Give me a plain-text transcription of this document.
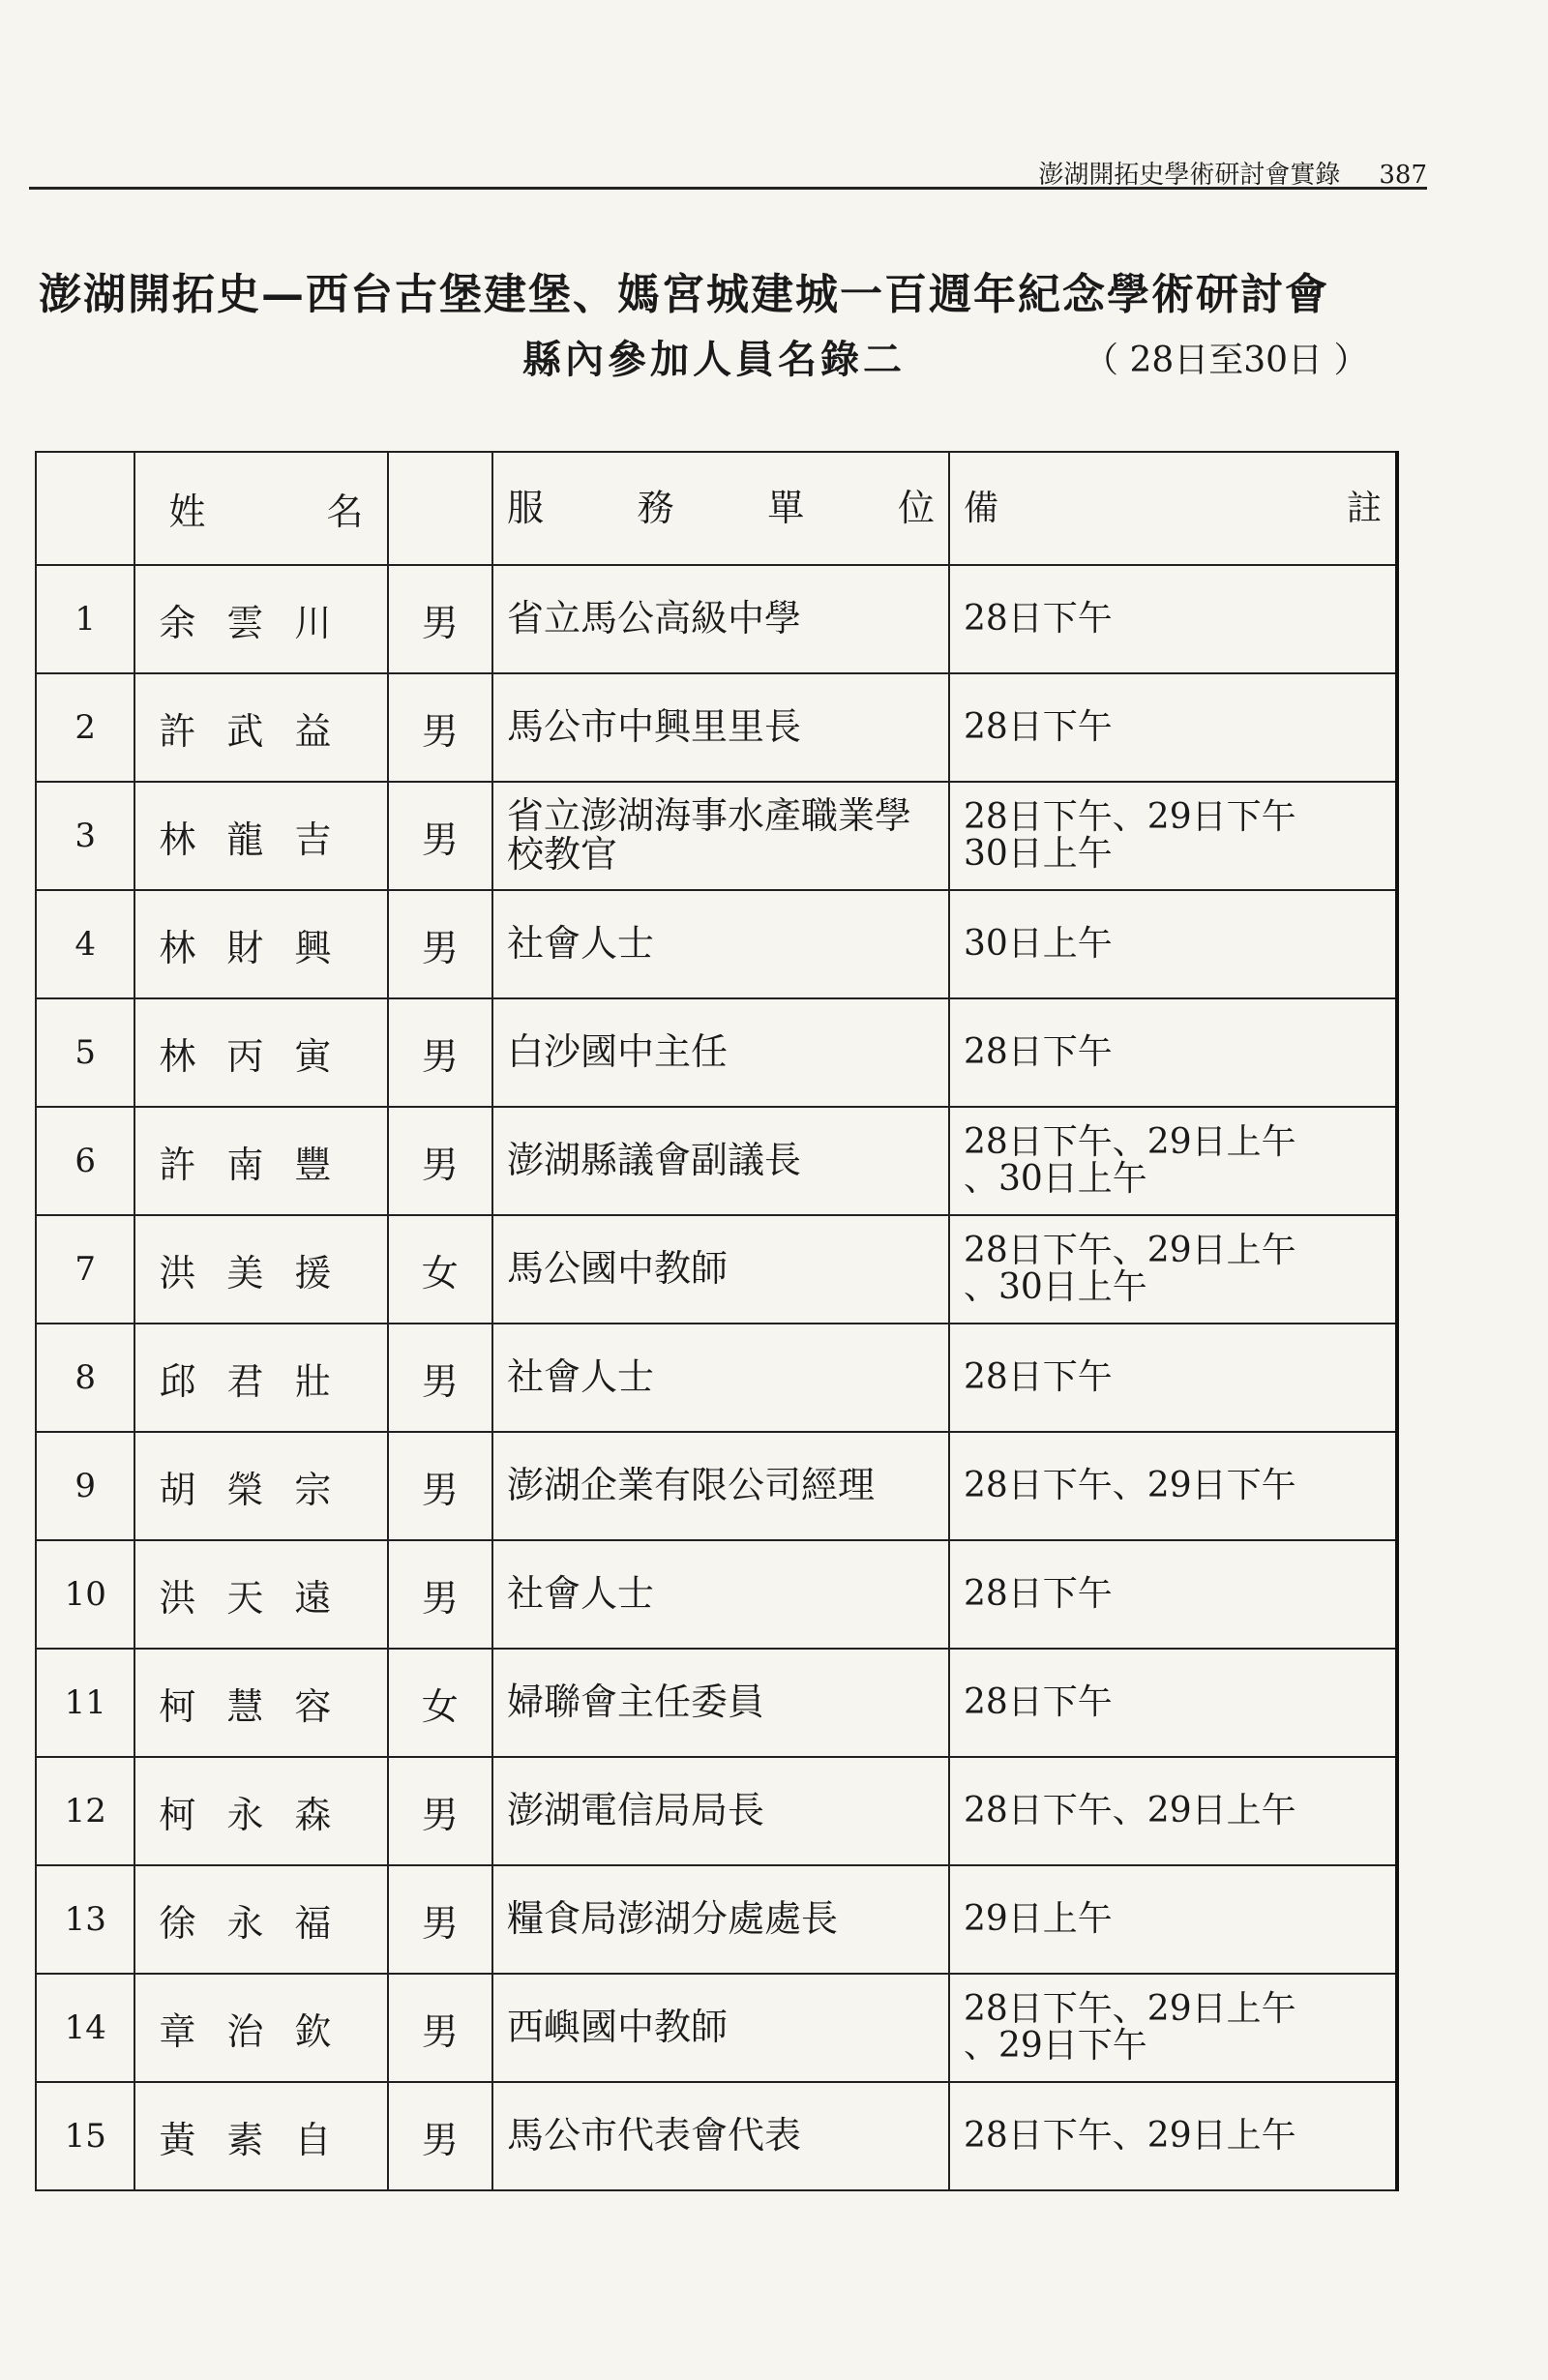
澎湖開拓史學術研討會實錄 387
澎湖開拓史—西台古堡建堡、媽宮城建城一百週年紀念學術研討會
縣內參加人員名錄二	（ 28日至30日 ）

	姓 名		服 務 單 位	備 註

1	余雲川	男	省立馬公高級中學	28日下午
2	許武益	男	馬公市中興里里長	28日下午
3	林龍吉	男	省立澎湖海事水產職業學校教官	28日下午、29日下午
30日上午
4	林財興	男	社會人士	30日上午
5	林丙寅	男	白沙國中主任	28日下午
6	許南豐	男	澎湖縣議會副議長	28日下午、29日上午
、30日上午
7	洪美援	女	馬公國中教師	28日下午、29日上午
、30日上午
8	邱君壯	男	社會人士	28日下午
9	胡榮宗	男	澎湖企業有限公司經理	28日下午、29日下午
10	洪天遠	男	社會人士	28日下午
11	柯慧容	女	婦聯會主任委員	28日下午
12	柯永森	男	澎湖電信局局長	28日下午、29日上午
13	徐永福	男	糧食局澎湖分處處長	29日上午
14	章治欽	男	西嶼國中教師	28日下午、29日上午
、29日下午
15	黃素自	男	馬公市代表會代表	28日下午、29日上午
